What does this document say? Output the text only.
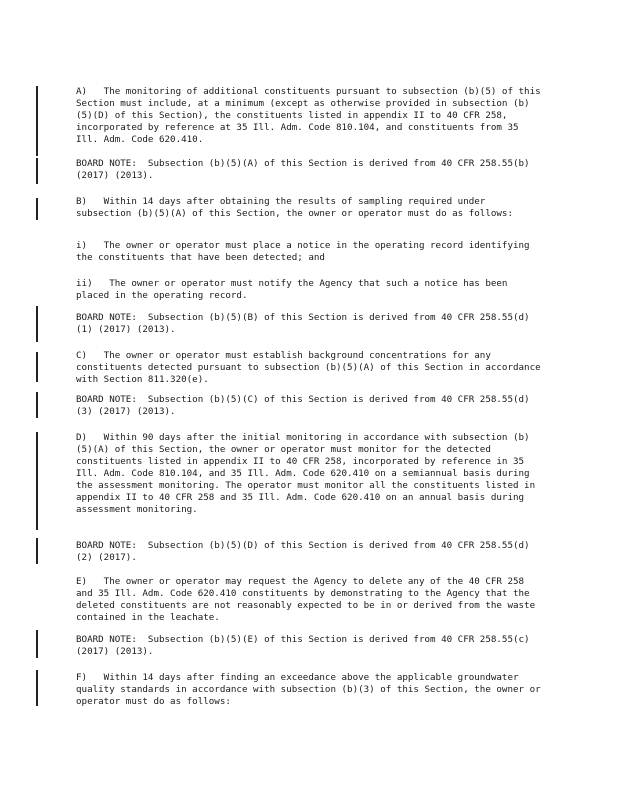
A)   The monitoring of additional constituents pursuant to subsection (b)(5) of this Section must include, at a minimum (except as otherwise provided in subsection (b)(5)(D) of this Section), the constituents listed in appendix II to 40 CFR 258, incorporated by reference at 35 Ill. Adm. Code 810.104, and constituents from 35 Ill. Adm. Code 620.410.
BOARD NOTE:  Subsection (b)(5)(A) of this Section is derived from 40 CFR 258.55(b) (2017) (2013).
B)   Within 14 days after obtaining the results of sampling required under subsection (b)(5)(A) of this Section, the owner or operator must do as follows:
i)   The owner or operator must place a notice in the operating record identifying the constituents that have been detected; and
ii)   The owner or operator must notify the Agency that such a notice has been placed in the operating record.
BOARD NOTE:  Subsection (b)(5)(B) of this Section is derived from 40 CFR 258.55(d)(1) (2017) (2013).
C)   The owner or operator must establish background concentrations for any constituents detected pursuant to subsection (b)(5)(A) of this Section in accordance with Section 811.320(e).
BOARD NOTE:  Subsection (b)(5)(C) of this Section is derived from 40 CFR 258.55(d)(3) (2017) (2013).
D)   Within 90 days after the initial monitoring in accordance with subsection (b)(5)(A) of this Section, the owner or operator must monitor for the detected constituents listed in appendix II to 40 CFR 258, incorporated by reference in 35 Ill. Adm. Code 810.104, and 35 Ill. Adm. Code 620.410 on a semiannual basis during the assessment monitoring. The operator must monitor all the constituents listed in appendix II to 40 CFR 258 and 35 Ill. Adm. Code 620.410 on an annual basis during assessment monitoring.
BOARD NOTE:  Subsection (b)(5)(D) of this Section is derived from 40 CFR 258.55(d)(2) (2017).
E)   The owner or operator may request the Agency to delete any of the 40 CFR 258 and 35 Ill. Adm. Code 620.410 constituents by demonstrating to the Agency that the deleted constituents are not reasonably expected to be in or derived from the waste contained in the leachate.
BOARD NOTE:  Subsection (b)(5)(E) of this Section is derived from 40 CFR 258.55(c) (2017) (2013).
F)   Within 14 days after finding an exceedance above the applicable groundwater quality standards in accordance with subsection (b)(3) of this Section, the owner or operator must do as follows:
